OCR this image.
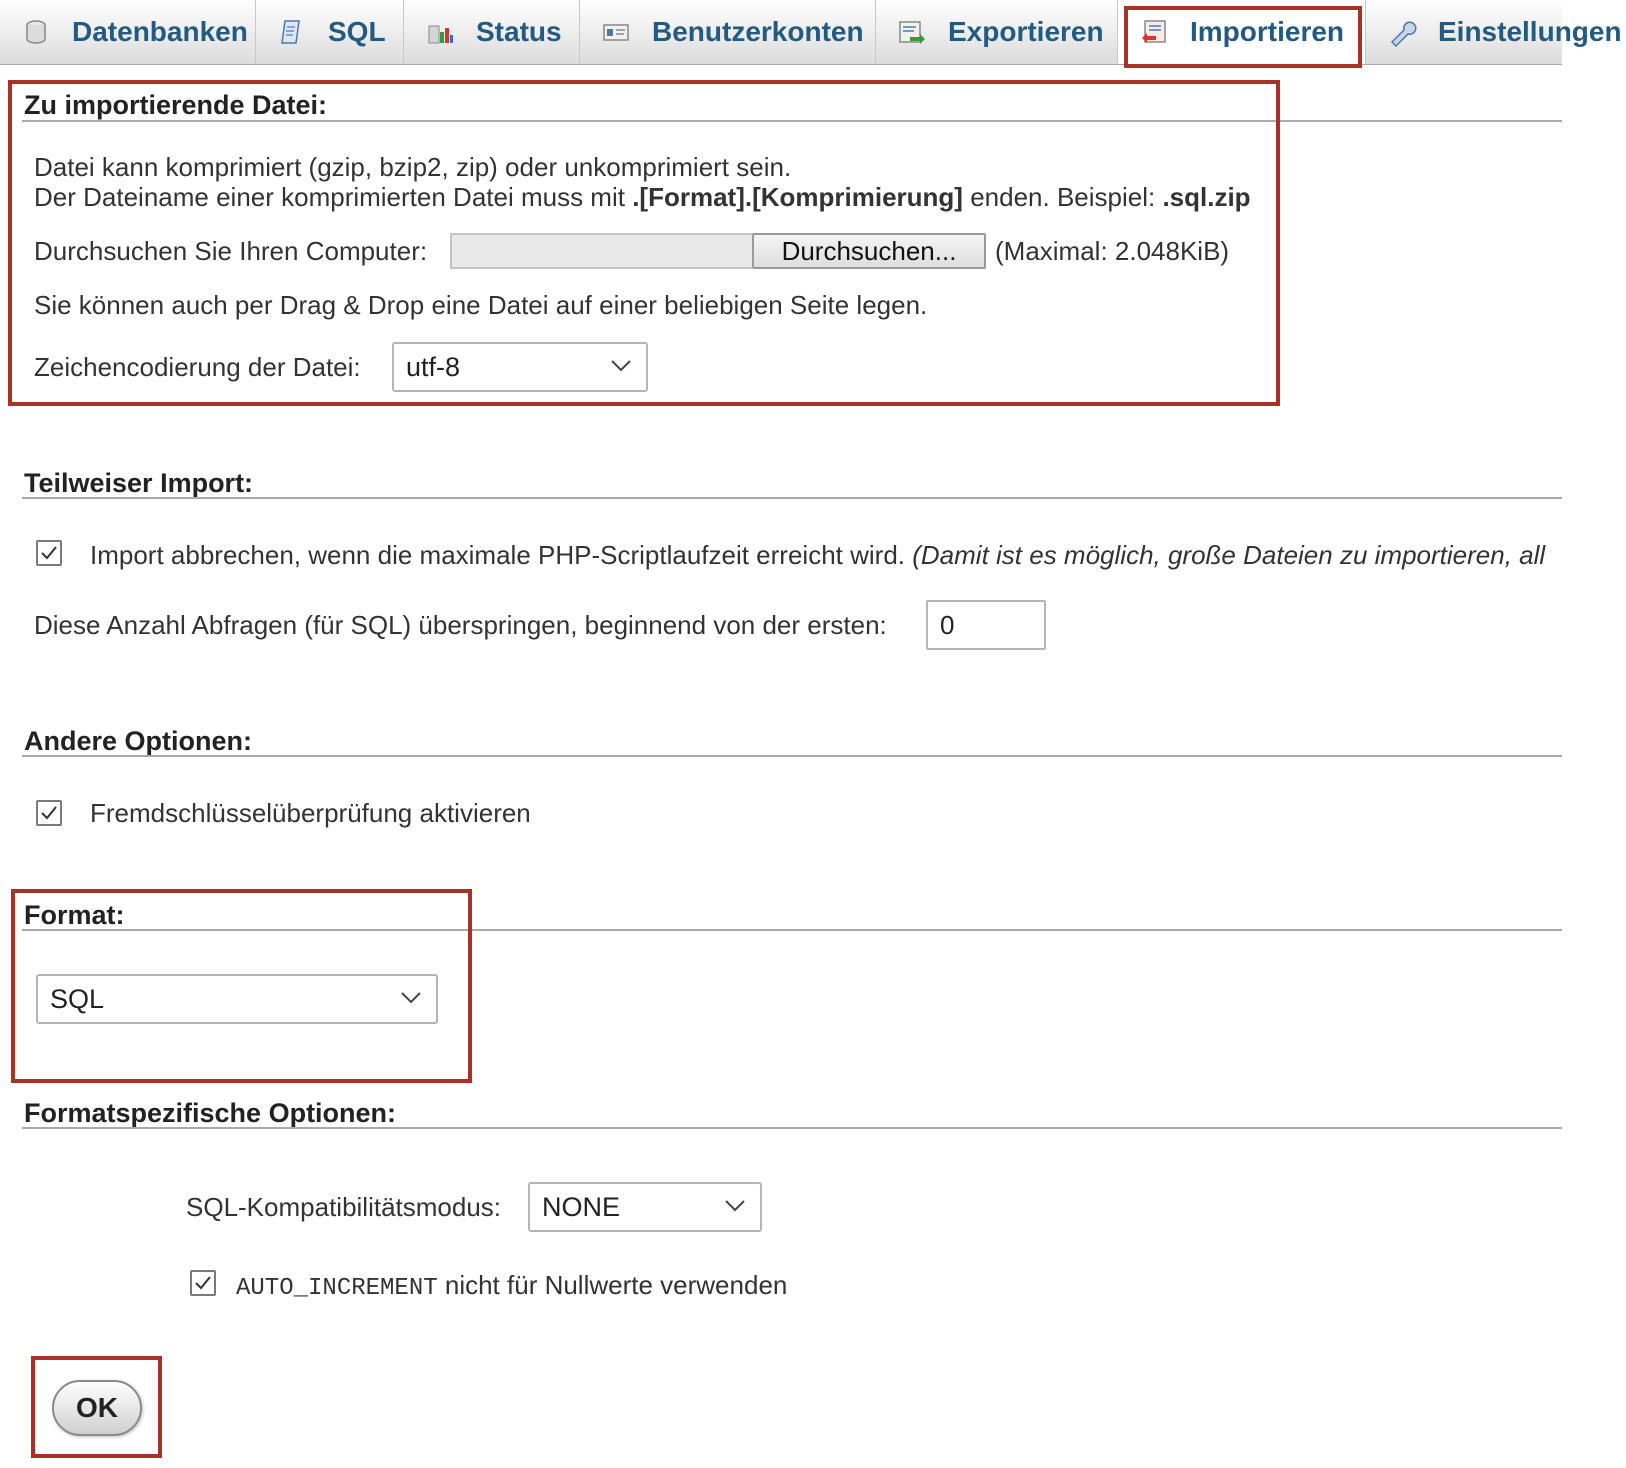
Datenbanken	SQL	Status	Benutzerkonten	Exportieren	Importieren	Einstellungen
Zu importierende Datei:
Datei kann komprimiert (gzip, bzip2, zip) oder unkomprimiert sein.
Der Dateiname einer komprimierten Datei muss mit .[Format].[Komprimierung] enden. Beispiel: .sql.zip
Durchsuchen Sie Ihren Computer:	Durchsuchen...	(Maximal: 2.048KiB)
Sie können auch per Drag & Drop eine Datei auf einer beliebigen Seite legen.
Zeichencodierung der Datei: utf-8
Teilweiser Import:
Import abbrechen, wenn die maximale PHP-Scriptlaufzeit erreicht wird. (Damit ist es möglich, große Dateien zu importieren, all
Diese Anzahl Abfragen (für SQL) überspringen, beginnend von der ersten: 0
Andere Optionen:
Fremdschlüsselüberprüfung aktivieren
Format:
SQL
Formatspezifische Optionen:
SQL-Kompatibilitätsmodus: NONE
AUTO_INCREMENT nicht für Nullwerte verwenden
OK
